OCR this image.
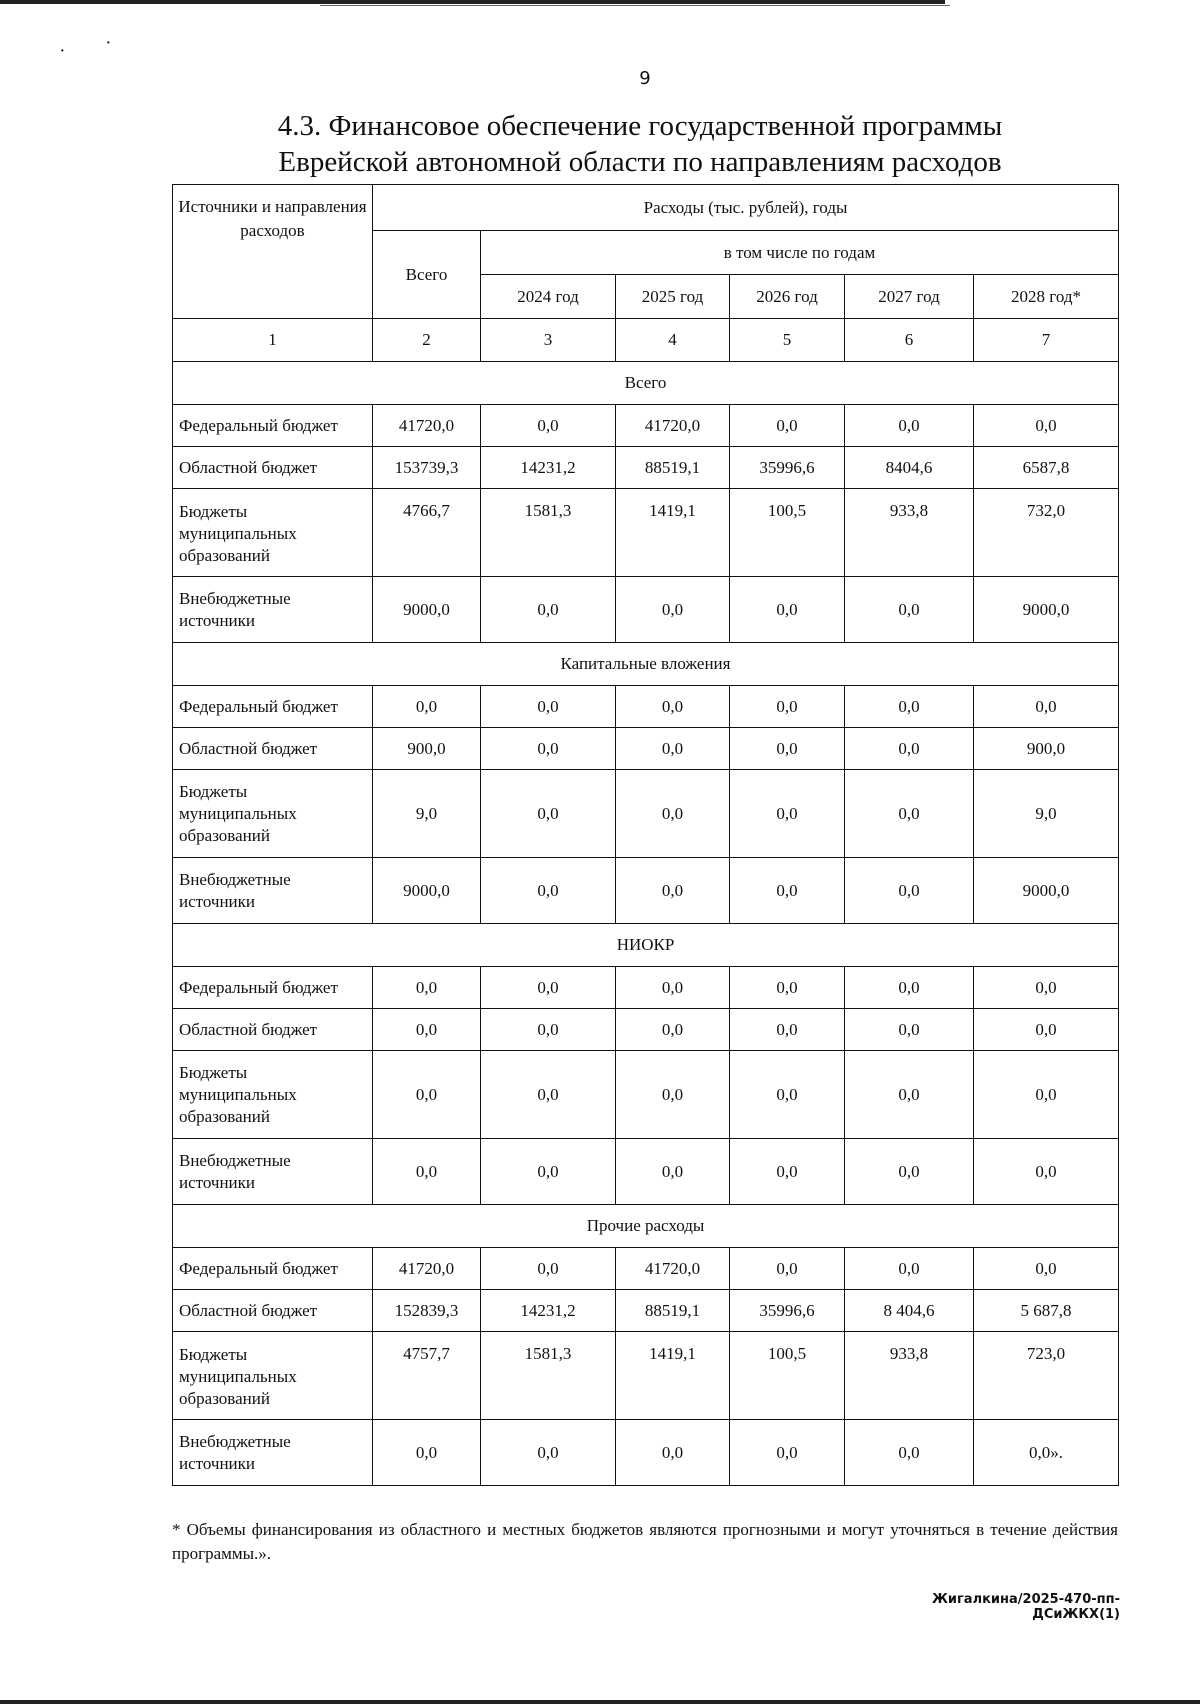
·
·
9
4.3. Финансовое обеспечение государственной программы
Еврейской автономной области по направлениям расходов
Источники и направления расходов	Расходы (тыс. рублей), годы					
	Всего	в том числе по годам				
		2024 год	2025 год	2026 год	2027 год	2028 год*
1	2	3	4	5	6	7
Всего						
Федеральный бюджет	41720,0	0,0	41720,0	0,0	0,0	0,0
Областной бюджет	153739,3	14231,2	88519,1	35996,6	8404,6	6587,8
Бюджеты муниципальных образований	4766,7	1581,3	1419,1	100,5	933,8	732,0
Внебюджетные источники	9000,0	0,0	0,0	0,0	0,0	9000,0
Капитальные вложения						
Федеральный бюджет	0,0	0,0	0,0	0,0	0,0	0,0
Областной бюджет	900,0	0,0	0,0	0,0	0,0	900,0
Бюджеты муниципальных образований	9,0	0,0	0,0	0,0	0,0	9,0
Внебюджетные источники	9000,0	0,0	0,0	0,0	0,0	9000,0
НИОКР						
Федеральный бюджет	0,0	0,0	0,0	0,0	0,0	0,0
Областной бюджет	0,0	0,0	0,0	0,0	0,0	0,0
Бюджеты муниципальных образований	0,0	0,0	0,0	0,0	0,0	0,0
Внебюджетные источники	0,0	0,0	0,0	0,0	0,0	0,0
Прочие расходы						
Федеральный бюджет	41720,0	0,0	41720,0	0,0	0,0	0,0
Областной бюджет	152839,3	14231,2	88519,1	35996,6	8 404,6	5 687,8
Бюджеты муниципальных образований	4757,7	1581,3	1419,1	100,5	933,8	723,0
Внебюджетные источники	0,0	0,0	0,0	0,0	0,0	0,0».
* Объемы финансирования из областного и местных бюджетов являются прогнозными и могут уточняться в течение действия программы.».
Жигалкина/2025-470-пп-ДСиЖКХ(1)
